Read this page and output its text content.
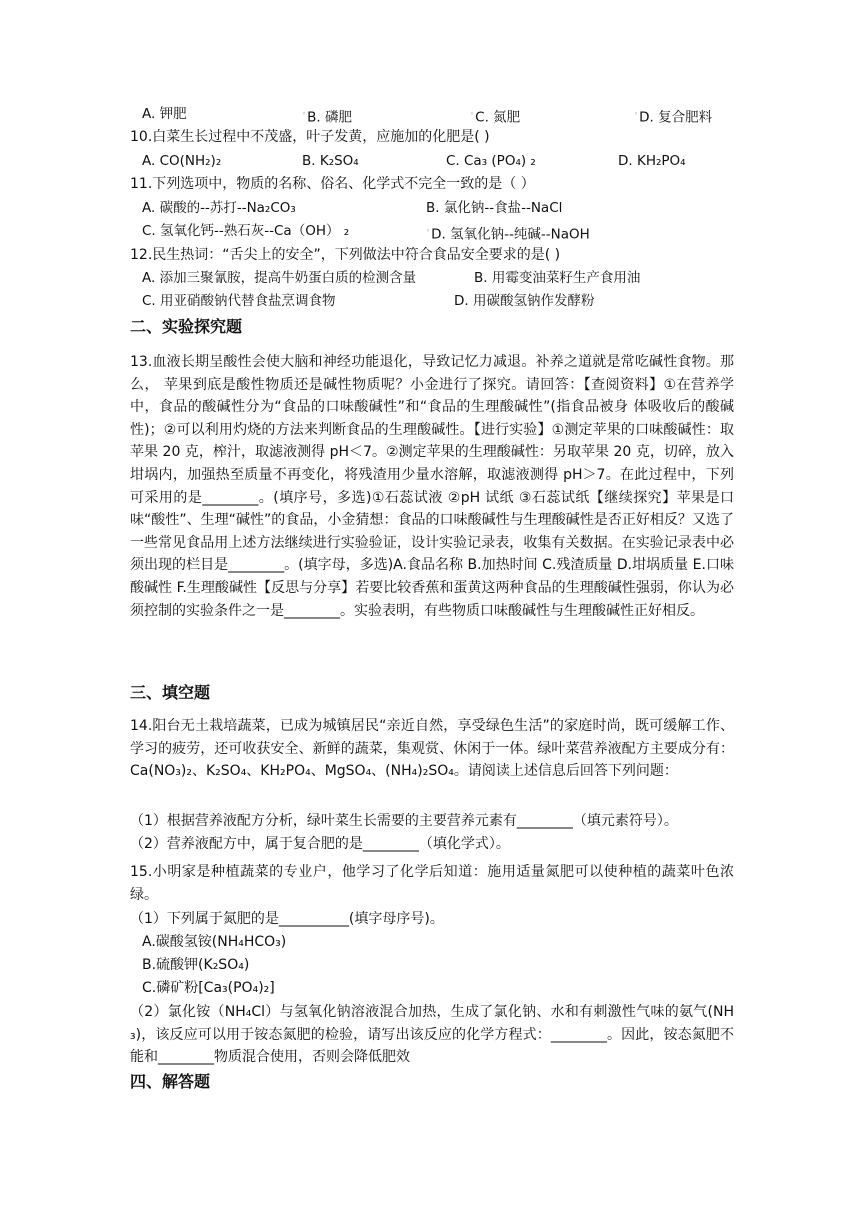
A. 钾肥	◦B. 磷肥	◦C. 氮肥	◦D. 复合肥料
10.白菜生长过程中不茂盛，叶子发黄，应施加的化肥是( )
A. CO(NH₂)₂	B. K₂SO₄	C. Ca₃ (PO₄) ₂	D. KH₂PO₄
11.下列选项中，物质的名称、俗名、化学式不完全一致的是（ ）
A. 碳酸的--苏打--Na₂CO₃	B. 氯化钠--食盐--NaCl
C. 氢氧化钙--熟石灰--Ca（OH） ₂	◦D. 氢氧化钠--纯碱--NaOH
12.民生热词：“舌尖上的安全”，下列做法中符合食品安全要求的是( )
A. 添加三聚氰胺，提高牛奶蛋白质的检测含量	B. 用霉变油菜籽生产食用油
C. 用亚硝酸钠代替食盐烹调食物	D. 用碳酸氢钠作发酵粉
二、实验探究题
13.血液长期呈酸性会使大脑和神经功能退化，导致记忆力减退。补养之道就是常吃碱性食物。那么， 苹果到底是酸性物质还是碱性物质呢？小金进行了探究。请回答：【查阅资料】①在营养学中，食品的酸碱性分为“食品的口味酸碱性”和“食品的生理酸碱性”(指食品被身 体吸收后的酸碱性)；②可以利用灼烧的方法来判断食品的生理酸碱性。【进行实验】①测定苹果的口味酸碱性：取苹果 20 克，榨汁，取滤液测得 pH＜7。②测定苹果的生理酸碱性：另取苹果 20 克，切碎，放入坩埚内，加强热至质量不再变化，将残渣用少量水溶解，取滤液测得 pH＞7。在此过程中，下列可采用的是________。(填序号，多选)①石蕊试液 ②pH 试纸 ③石蕊试纸【继续探究】苹果是口味“酸性”、生理“碱性”的食品，小金猜想：食品的口味酸碱性与生理酸碱性是否正好相反？又选了一些常见食品用上述方法继续进行实验验证，设计实验记录表，收集有关数据。在实验记录表中必须出现的栏目是________。(填字母，多选)A.食品名称 B.加热时间 C.残渣质量 D.坩埚质量 E.口味酸碱性 F.生理酸碱性【反思与分享】若要比较香蕉和蛋黄这两种食品的生理酸碱性强弱，你认为必须控制的实验条件之一是________。实验表明，有些物质口味酸碱性与生理酸碱性正好相反。
三、填空题
14.阳台无土栽培蔬菜，已成为城镇居民“亲近自然，享受绿色生活”的家庭时尚，既可缓解工作、学习的疲劳，还可收获安全、新鲜的蔬菜，集观赏、休闲于一体。绿叶菜营养液配方主要成分有：Ca(NO₃)₂、K₂SO₄、KH₂PO₄、MgSO₄、(NH₄)₂SO₄。请阅读上述信息后回答下列问题：
（1）根据营养液配方分析，绿叶菜生长需要的主要营养元素有________（填元素符号）。
（2）营养液配方中，属于复合肥的是________（填化学式）。
15.小明家是种植蔬菜的专业户，他学习了化学后知道：施用适量氮肥可以使种植的蔬菜叶色浓绿。
（1）下列属于氮肥的是__________(填字母序号)。
A.碳酸氢铵(NH₄HCO₃)
B.硫酸钾(K₂SO₄)
C.磷矿粉[Ca₃(PO₄)₂]
（2）氯化铵（NH₄Cl）与氢氧化钠溶液混合加热，生成了氯化钠、水和有刺激性气味的氨气(NH₃)，该反应可以用于铵态氮肥的检验，请写出该反应的化学方程式：________。因此，铵态氮肥不能和________物质混合使用，否则会降低肥效
四、解答题
